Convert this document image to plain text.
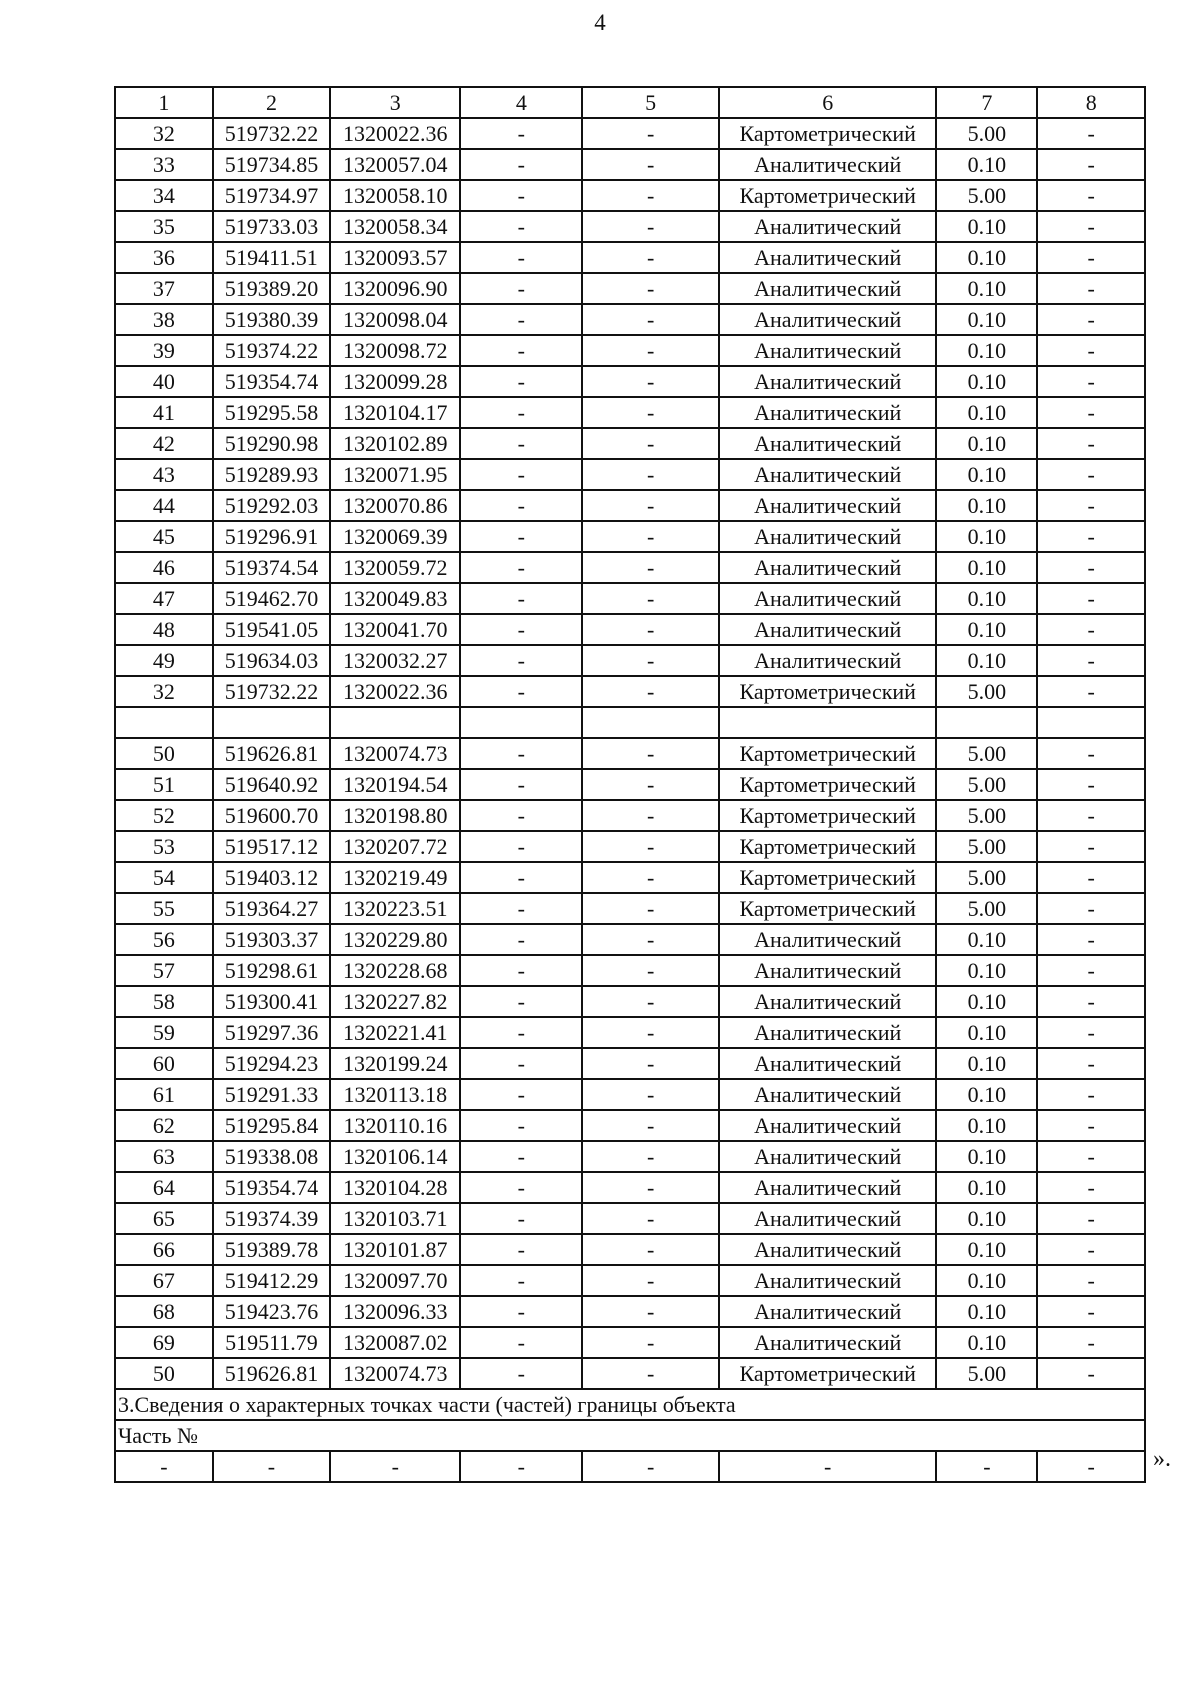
4
1	2	3	4	5	6	7	8
32	519732.22	1320022.36	-	-	Картометрический	5.00	-
33	519734.85	1320057.04	-	-	Аналитический	0.10	-
34	519734.97	1320058.10	-	-	Картометрический	5.00	-
35	519733.03	1320058.34	-	-	Аналитический	0.10	-
36	519411.51	1320093.57	-	-	Аналитический	0.10	-
37	519389.20	1320096.90	-	-	Аналитический	0.10	-
38	519380.39	1320098.04	-	-	Аналитический	0.10	-
39	519374.22	1320098.72	-	-	Аналитический	0.10	-
40	519354.74	1320099.28	-	-	Аналитический	0.10	-
41	519295.58	1320104.17	-	-	Аналитический	0.10	-
42	519290.98	1320102.89	-	-	Аналитический	0.10	-
43	519289.93	1320071.95	-	-	Аналитический	0.10	-
44	519292.03	1320070.86	-	-	Аналитический	0.10	-
45	519296.91	1320069.39	-	-	Аналитический	0.10	-
46	519374.54	1320059.72	-	-	Аналитический	0.10	-
47	519462.70	1320049.83	-	-	Аналитический	0.10	-
48	519541.05	1320041.70	-	-	Аналитический	0.10	-
49	519634.03	1320032.27	-	-	Аналитический	0.10	-
32	519732.22	1320022.36	-	-	Картометрический	5.00	-

50	519626.81	1320074.73	-	-	Картометрический	5.00	-
51	519640.92	1320194.54	-	-	Картометрический	5.00	-
52	519600.70	1320198.80	-	-	Картометрический	5.00	-
53	519517.12	1320207.72	-	-	Картометрический	5.00	-
54	519403.12	1320219.49	-	-	Картометрический	5.00	-
55	519364.27	1320223.51	-	-	Картометрический	5.00	-
56	519303.37	1320229.80	-	-	Аналитический	0.10	-
57	519298.61	1320228.68	-	-	Аналитический	0.10	-
58	519300.41	1320227.82	-	-	Аналитический	0.10	-
59	519297.36	1320221.41	-	-	Аналитический	0.10	-
60	519294.23	1320199.24	-	-	Аналитический	0.10	-
61	519291.33	1320113.18	-	-	Аналитический	0.10	-
62	519295.84	1320110.16	-	-	Аналитический	0.10	-
63	519338.08	1320106.14	-	-	Аналитический	0.10	-
64	519354.74	1320104.28	-	-	Аналитический	0.10	-
65	519374.39	1320103.71	-	-	Аналитический	0.10	-
66	519389.78	1320101.87	-	-	Аналитический	0.10	-
67	519412.29	1320097.70	-	-	Аналитический	0.10	-
68	519423.76	1320096.33	-	-	Аналитический	0.10	-
69	519511.79	1320087.02	-	-	Аналитический	0.10	-
50	519626.81	1320074.73	-	-	Картометрический	5.00	-
3.Сведения о характерных точках части (частей) границы объекта							
Часть №							
-	-	-	-	-	-	-	- ».
